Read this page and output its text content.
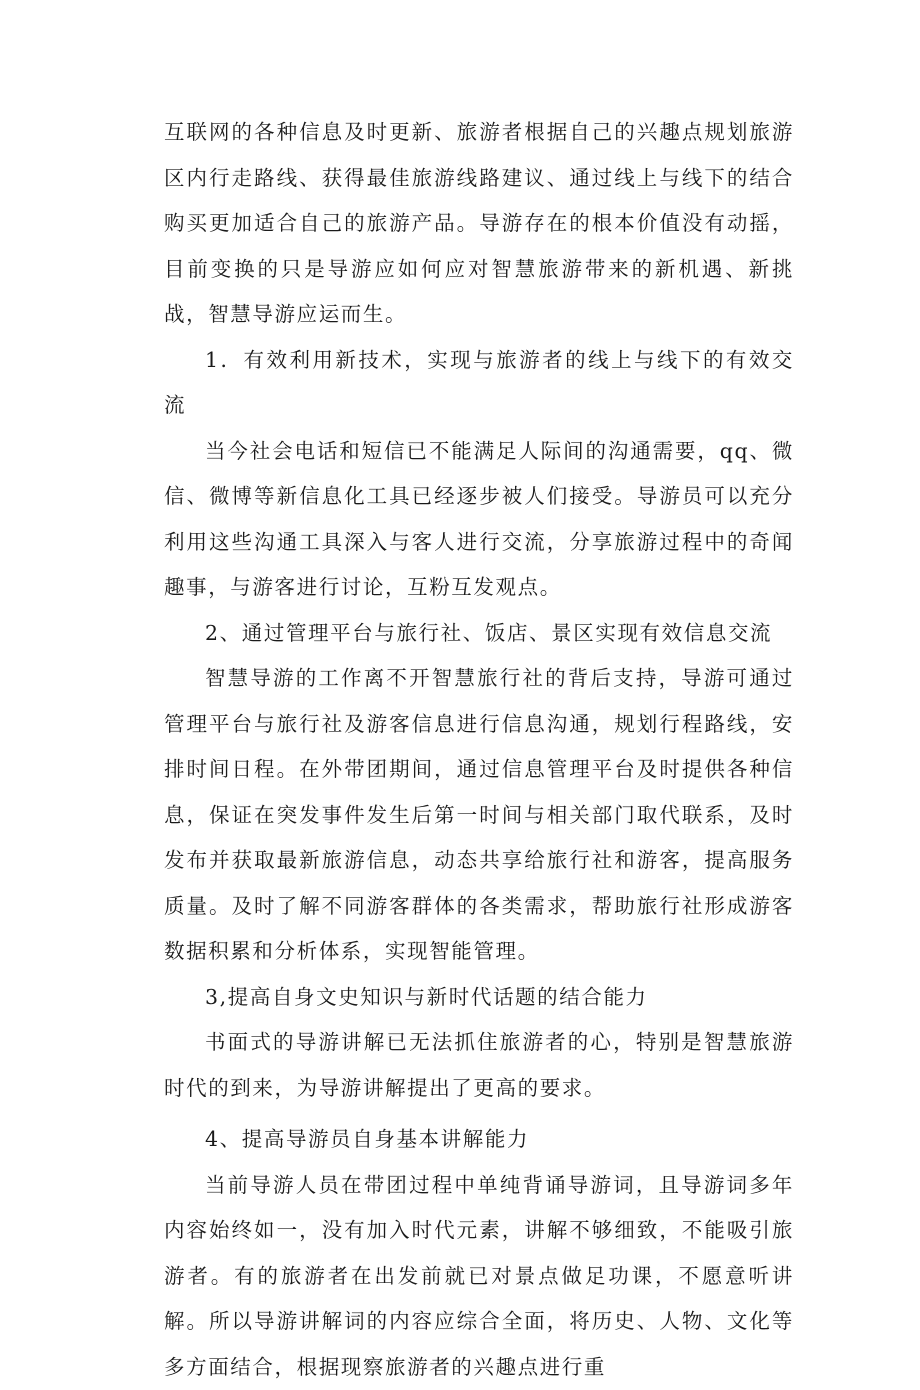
互联网的各种信息及时更新、旅游者根据自己的兴趣点规划旅游区内行走路线、获得最佳旅游线路建议、通过线上与线下的结合购买更加适合自己的旅游产品。导游存在的根本价值没有动摇，目前变换的只是导游应如何应对智慧旅游带来的新机遇、新挑战，智慧导游应运而生。

1．有效利用新技术，实现与旅游者的线上与线下的有效交流

当今社会电话和短信已不能满足人际间的沟通需要，qq、微信、微博等新信息化工具已经逐步被人们接受。导游员可以充分利用这些沟通工具深入与客人进行交流，分享旅游过程中的奇闻趣事，与游客进行讨论，互粉互发观点。

2、通过管理平台与旅行社、饭店、景区实现有效信息交流

智慧导游的工作离不开智慧旅行社的背后支持，导游可通过管理平台与旅行社及游客信息进行信息沟通，规划行程路线，安排时间日程。在外带团期间，通过信息管理平台及时提供各种信息，保证在突发事件发生后第一时间与相关部门取代联系，及时发布并获取最新旅游信息，动态共享给旅行社和游客，提高服务质量。及时了解不同游客群体的各类需求，帮助旅行社形成游客数据积累和分析体系，实现智能管理。

3,提高自身文史知识与新时代话题的结合能力

书面式的导游讲解已无法抓住旅游者的心，特别是智慧旅游时代的到来，为导游讲解提出了更高的要求。

4、提高导游员自身基本讲解能力

当前导游人员在带团过程中单纯背诵导游词，且导游词多年内容始终如一，没有加入时代元素，讲解不够细致，不能吸引旅游者。有的旅游者在出发前就已对景点做足功课，不愿意听讲解。所以导游讲解词的内容应综合全面，将历史、人物、文化等多方面结合，根据现察旅游者的兴趣点进行重
